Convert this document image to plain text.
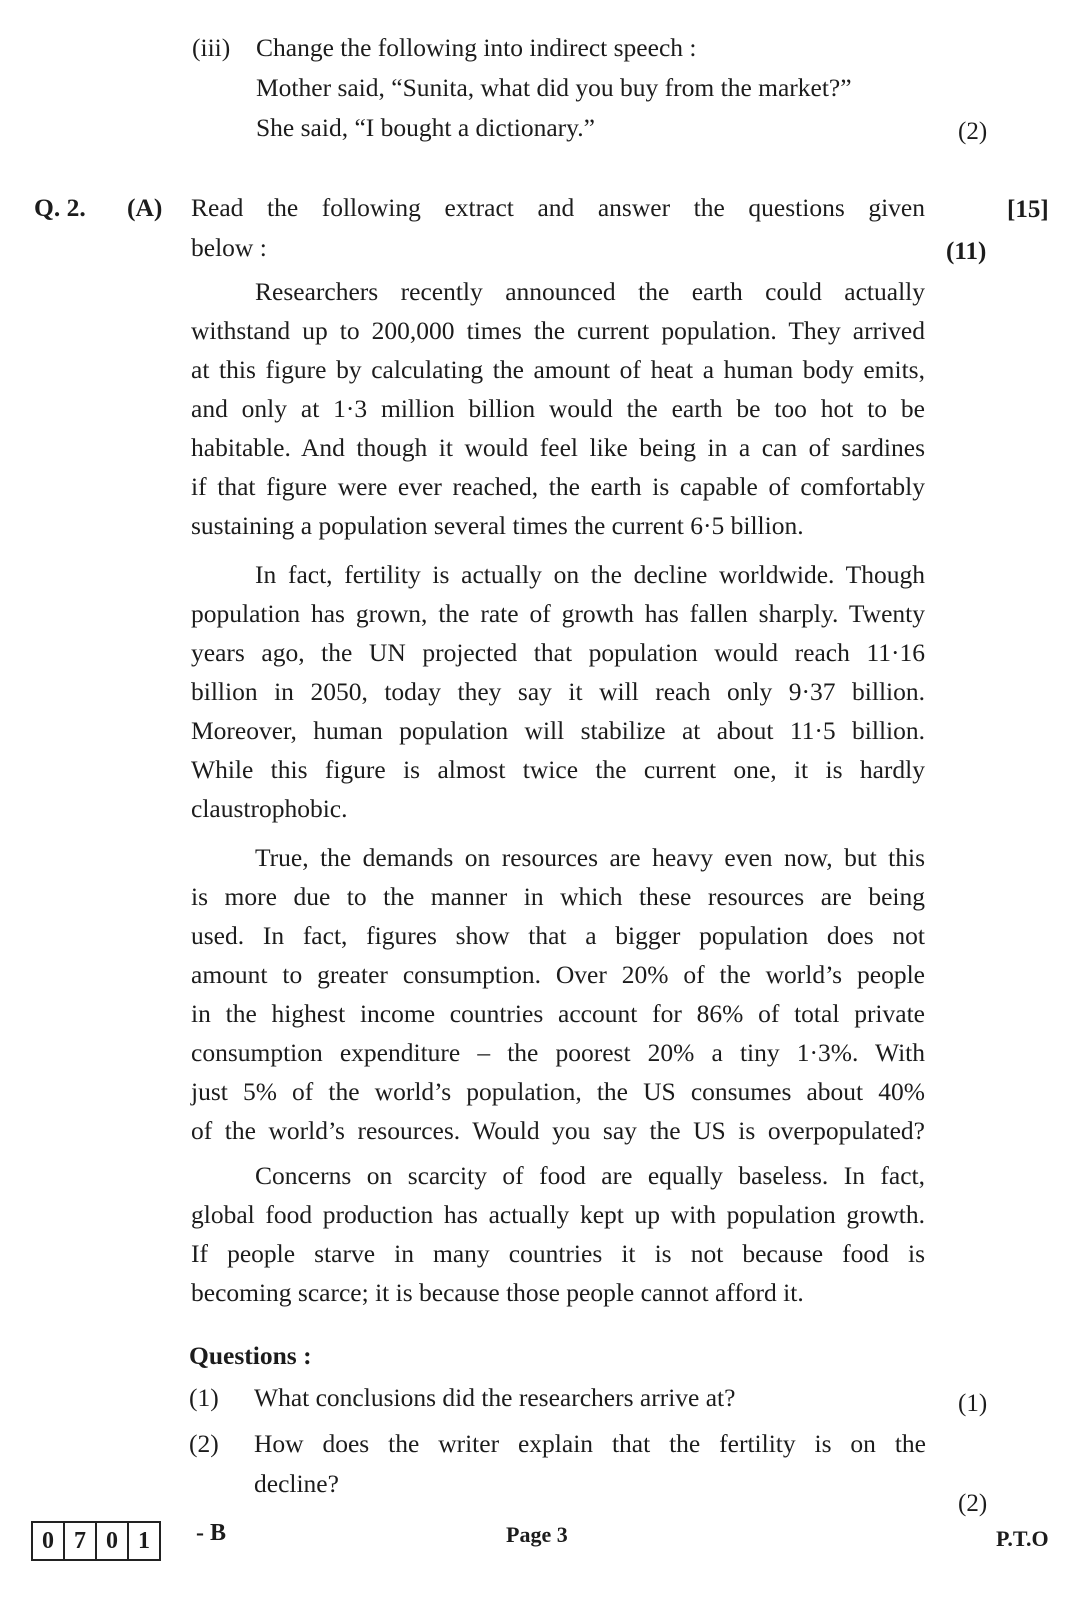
(iii) Change the following into indirect speech :
Mother said, “Sunita, what did you buy from the market?”
She said, “I bought a dictionary.”	(2)
Q. 2. (A) Read the following extract and answer the questions given
below :
[15]
(11)
Researchers recently announced the earth could actually
withstand up to 200,000 times the current population. They arrived
at this figure by calculating the amount of heat a human body emits,
and only at 1·3 million billion would the earth be too hot to be
habitable. And though it would feel like being in a can of sardines
if that figure were ever reached, the earth is capable of comfortably
sustaining a population several times the current 6·5 billion.
In fact, fertility is actually on the decline worldwide. Though
population has grown, the rate of growth has fallen sharply. Twenty
years ago, the UN projected that population would reach 11·16
billion in 2050, today they say it will reach only 9·37 billion.
Moreover, human population will stabilize at about 11·5 billion.
While this figure is almost twice the current one, it is hardly
claustrophobic.
True, the demands on resources are heavy even now, but this
is more due to the manner in which these resources are being
used. In fact, figures show that a bigger population does not
amount to greater consumption. Over 20% of the world’s people
in the highest income countries account for 86% of total private
consumption expenditure – the poorest 20% a tiny 1·3%. With
just 5% of the world’s population, the US consumes about 40%
of the world’s resources. Would you say the US is overpopulated?
Concerns on scarcity of food are equally baseless. In fact,
global food production has actually kept up with population growth.
If people starve in many countries it is not because food is
becoming scarce; it is because those people cannot afford it.
Questions :
(1) What conclusions did the researchers arrive at?	(1)
(2) How does the writer explain that the fertility is on the
decline?
(2)
0 7 0 1	- B	Page 3	P.T.O
